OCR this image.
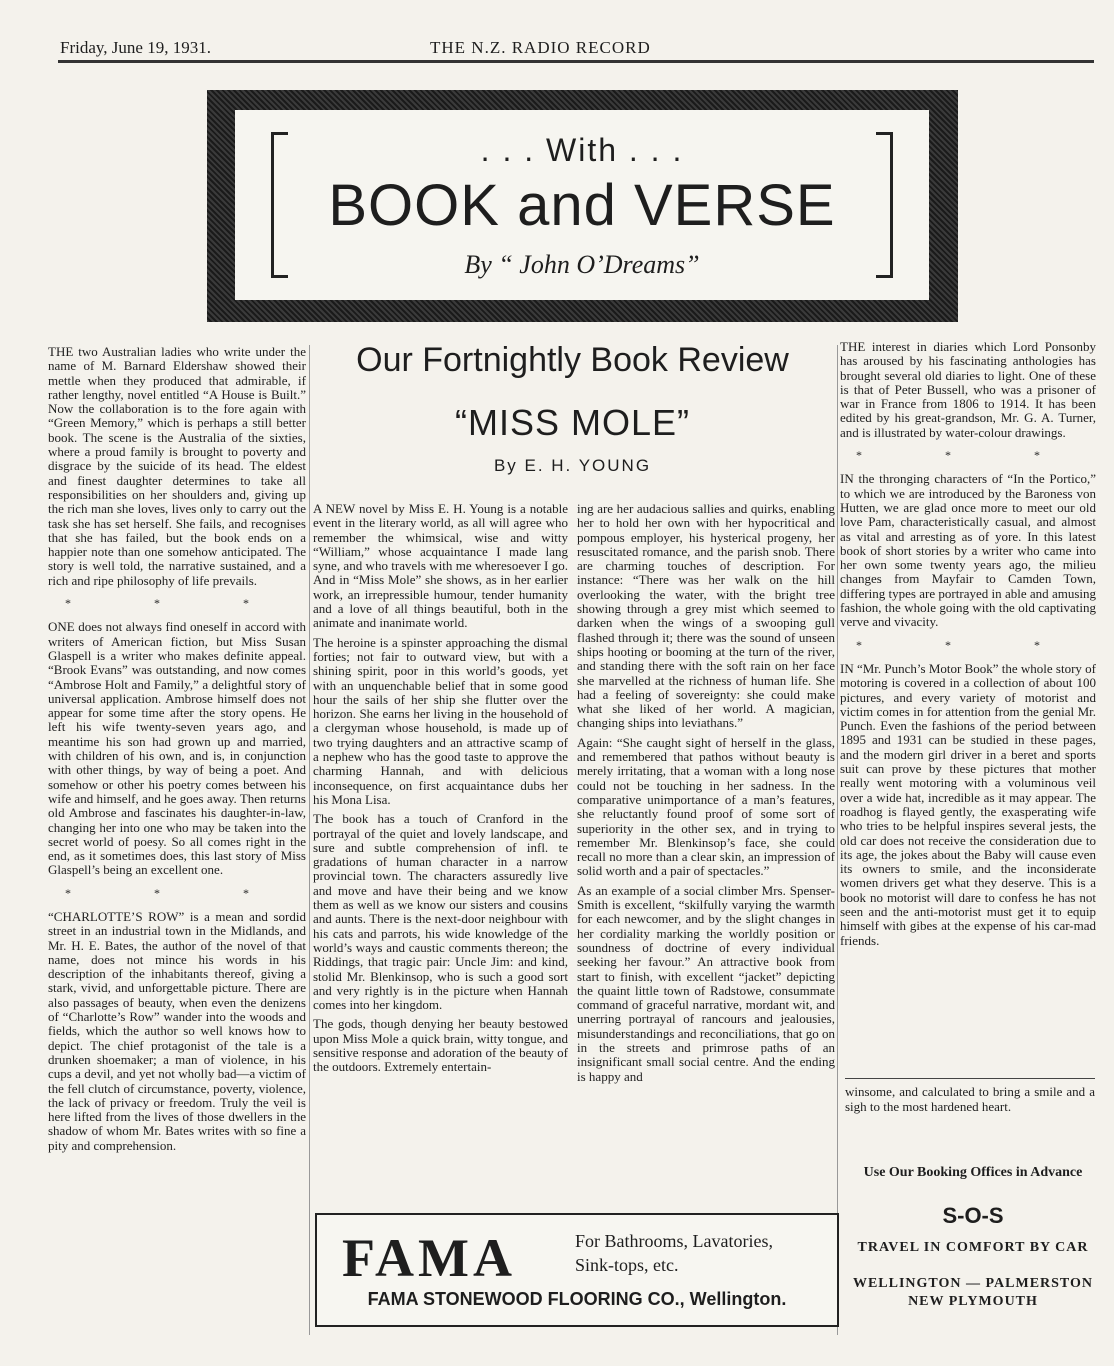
Friday, June 19, 1931.	THE N.Z. RADIO RECORD
. . . With . . .
BOOK and VERSE
By “ John O’Dreams”

THE two Australian ladies who write under the name of M. Barnard Eldershaw showed their mettle when they produced that admirable, if rather lengthy, novel entitled “A House is Built.” Now the collaboration is to the fore again with “Green Memory,” which is perhaps a still better book. The scene is the Australia of the sixties, where a proud family is brought to poverty and disgrace by the suicide of its head. The eldest and finest daughter determines to take all responsibilities on her shoulders and, giving up the rich man she loves, lives only to carry out the task she has set herself. She fails, and recognises that she has failed, but the book ends on a happier note than one somehow anticipated. The story is well told, the narrative sustained, and a rich and ripe philosophy of life prevails.

* * *

ONE does not always find oneself in accord with writers of American fiction, but Miss Susan Glaspell is a writer who makes definite appeal. “Brook Evans” was outstanding, and now comes “Ambrose Holt and Family,” a delightful story of universal application. Ambrose himself does not appear for some time after the story opens. He left his wife twenty-seven years ago, and meantime his son had grown up and married, with children of his own, and is, in conjunction with other things, by way of being a poet. And somehow or other his poetry comes between his wife and himself, and he goes away. Then returns old Ambrose and fascinates his daughter-in-law, changing her into one who may be taken into the secret world of poesy. So all comes right in the end, as it sometimes does, this last story of Miss Glaspell’s being an excellent one.

* * *

“CHARLOTTE’S ROW” is a mean and sordid street in an industrial town in the Midlands, and Mr. H. E. Bates, the author of the novel of that name, does not mince his words in his description of the inhabitants thereof, giving a stark, vivid, and unforgettable picture. There are also passages of beauty, when even the denizens of “Charlotte’s Row” wander into the woods and fields, which the author so well knows how to depict. The chief protagonist of the tale is a drunken shoemaker; a man of violence, in his cups a devil, and yet not wholly bad—a victim of the fell clutch of circumstance, poverty, violence, the lack of privacy or freedom. Truly the veil is here lifted from the lives of those dwellers in the shadow of whom Mr. Bates writes with so fine a pity and comprehension.

Our Fortnightly Book Review
“MISS MOLE”
By E. H. YOUNG

A NEW novel by Miss E. H. Young is a notable event in the literary world, as all will agree who remember the whimsical, wise and witty “William,” whose acquaintance I made lang syne, and who travels with me wheresoever I go. And in “Miss Mole” she shows, as in her earlier work, an irrepressible humour, tender humanity and a love of all things beautiful, both in the animate and inanimate world.

The heroine is a spinster approaching the dismal forties; not fair to outward view, but with a shining spirit, poor in this world’s goods, yet with an unquenchable belief that in some good hour the sails of her ship she flutter over the horizon. She earns her living in the household of a clergyman whose household, is made up of two trying daughters and an attractive scamp of a nephew who has the good taste to approve the charming Hannah, and with delicious inconsequence, on first acquaintance dubs her his Mona Lisa.

The book has a touch of Cranford in the portrayal of the quiet and lovely landscape, and sure and subtle comprehension of infl. te gradations of human character in a narrow provincial town. The characters assuredly live and move and have their being and we know them as well as we know our sisters and cousins and aunts. There is the next-door neighbour with his cats and parrots, his wide knowledge of the world’s ways and caustic comments thereon; the Riddings, that tragic pair: Uncle Jim: and kind, stolid Mr. Blenkinsop, who is such a good sort and very rightly is in the picture when Hannah comes into her kingdom.

The gods, though denying her beauty bestowed upon Miss Mole a quick brain, witty tongue, and sensitive response and adoration of the beauty of the outdoors. Extremely entertain-

ing are her audacious sallies and quirks, enabling her to hold her own with her hypocritical and pompous employer, his hysterical progeny, her resuscitated romance, and the parish snob. There are charming touches of description. For instance: “There was her walk on the hill overlooking the water, with the bright tree showing through a grey mist which seemed to darken when the wings of a swooping gull flashed through it; there was the sound of unseen ships hooting or booming at the turn of the river, and standing there with the soft rain on her face she marvelled at the richness of human life. She had a feeling of sovereignty: she could make what she liked of her world. A magician, changing ships into leviathans.”

Again: “She caught sight of herself in the glass, and remembered that pathos without beauty is merely irritating, that a woman with a long nose could not be touching in her sadness. In the comparative unimportance of a man’s features, she reluctantly found proof of some sort of superiority in the other sex, and in trying to remember Mr. Blenkinsop’s face, she could recall no more than a clear skin, an impression of solid worth and a pair of spectacles.”

As an example of a social climber Mrs. Spenser-Smith is excellent, “skilfully varying the warmth for each newcomer, and by the slight changes in her cordiality marking the worldly position or soundness of doctrine of every individual seeking her favour.” An attractive book from start to finish, with excellent “jacket” depicting the quaint little town of Radstowe, consummate command of graceful narrative, mordant wit, and unerring portrayal of rancours and jealousies, misunderstandings and reconciliations, that go on in the streets and primrose paths of an insignificant small social centre. And the ending is happy and

THE interest in diaries which Lord Ponsonby has aroused by his fascinating anthologies has brought several old diaries to light. One of these is that of Peter Bussell, who was a prisoner of war in France from 1806 to 1914. It has been edited by his great-grandson, Mr. G. A. Turner, and is illustrated by water-colour drawings.

* * *

IN the thronging characters of “In the Portico,” to which we are introduced by the Baroness von Hutten, we are glad once more to meet our old love Pam, characteristically casual, and almost as vital and arresting as of yore. In this latest book of short stories by a writer who came into her own some twenty years ago, the milieu changes from Mayfair to Camden Town, differing types are portrayed in able and amusing fashion, the whole going with the old captivating verve and vivacity.

* * *

IN “Mr. Punch’s Motor Book” the whole story of motoring is covered in a collection of about 100 pictures, and every variety of motorist and victim comes in for attention from the genial Mr. Punch. Even the fashions of the period between 1895 and 1931 can be studied in these pages, and the modern girl driver in a beret and sports suit can prove by these pictures that mother really went motoring with a voluminous veil over a wide hat, incredible as it may appear. The roadhog is flayed gently, the exasperating wife who tries to be helpful inspires several jests, the old car does not receive the consideration due to its age, the jokes about the Baby will cause even its owners to smile, and the inconsiderate women drivers get what they deserve. This is a book no motorist will dare to confess he has not seen and the anti-motorist must get it to equip himself with gibes at the expense of his car-mad friends.

winsome, and calculated to bring a smile and a sigh to the most hardened heart.
Use Our Booking Offices in Advance
S-O-S
TRAVEL IN COMFORT BY CAR
WELLINGTON — PALMERSTON NEW PLYMOUTH
FAMA	For Bathrooms, Lavatories,
Sink-tops, etc.
FAMA STONEWOOD FLOORING CO., Wellington.
